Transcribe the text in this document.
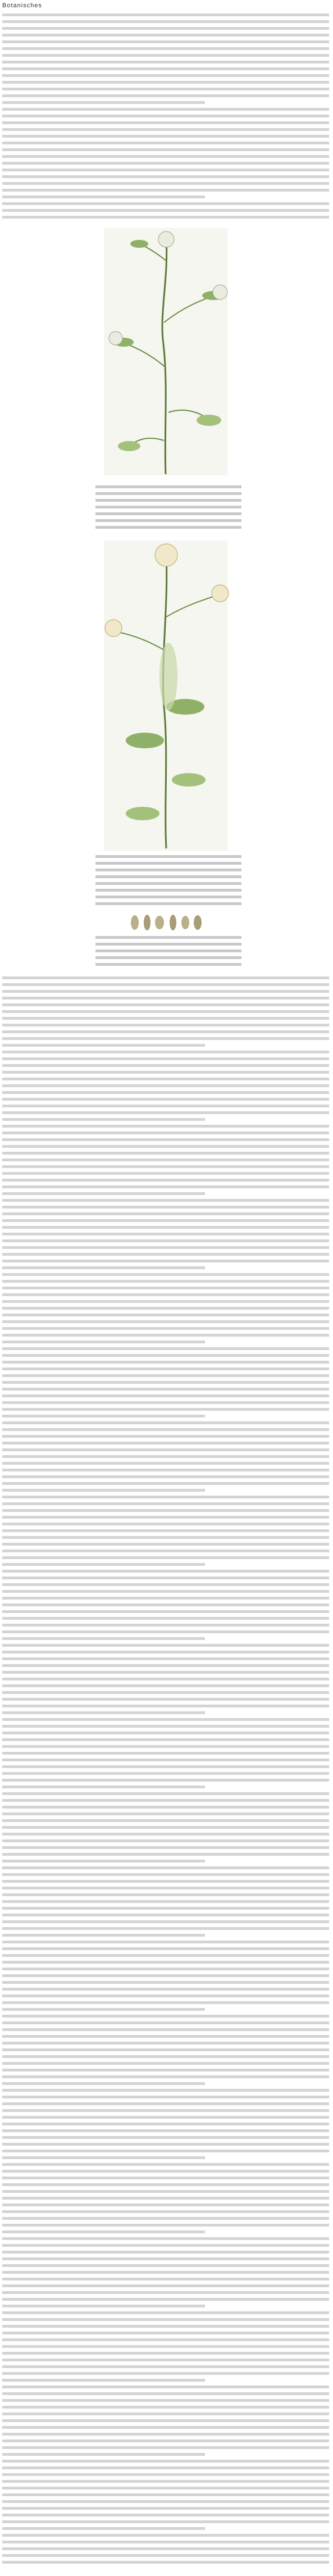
Botanisches
